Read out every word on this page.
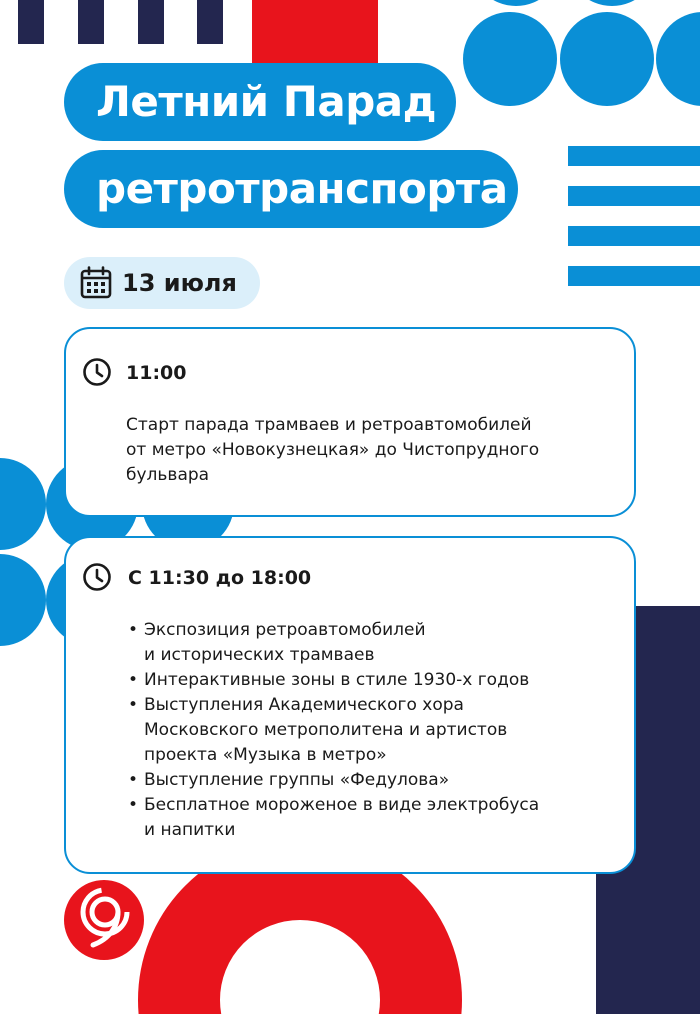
Летний Парад
ретротранспорта
13 июля
11:00
Старт парада трамваев и ретроавтомобилей
от метро «Новокузнецкая» до Чистопрудного
бульвара
С 11:30 до 18:00
• Экспозиция ретроавтомобилей
и исторических трамваев
• Интерактивные зоны в стиле 1930-х годов
• Выступления Академического хора
Московского метрополитена и артистов
проекта «Музыка в метро»
• Выступление группы «Федулова»
• Бесплатное мороженое в виде электробуса
и напитки
